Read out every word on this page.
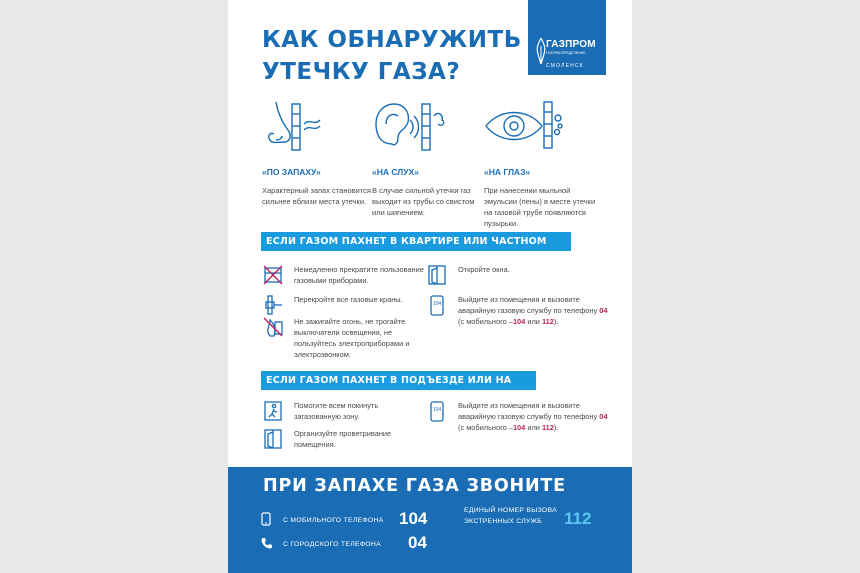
КАК ОБНАРУЖИТЬ
УТЕЧКУ ГАЗА?
ГАЗПРОМ
ГАЗОРАСПРЕДЕЛЕНИЕ
СМОЛЕНСК
«ПО ЗАПАХУ»
Характерный запах становится сильнее вблизи места утечки.
«НА СЛУХ»
В случае сильной утечки газ выходит из трубы со свистом или шипением.
«НА ГЛАЗ»
При нанесении мыльной эмульсии (пены) в месте утечки на газовой трубе появляются пузырьки.
ЕСЛИ ГАЗОМ ПАХНЕТ В КВАРТИРЕ ИЛИ ЧАСТНОМ ДОМЕ
Немедленно прекратите пользование газовыми приборами.
Перекройте все газовые краны.
Не зажигайте огонь, не трогайте выключатели освещения, не пользуйтесь электроприборами и электрозвонком.
Откройте окна.
104 Выйдите из помещения и вызовите аварийную газовую службу по телефону 04 (с мобильного –104 или 112).
ЕСЛИ ГАЗОМ ПАХНЕТ В ПОДЪЕЗДЕ ИЛИ НА УЛИЦЕ
Помогите всем покинуть загазованную зону.
Организуйте проветривание помещения.
104 Выйдите из помещения и вызовите аварийную газовую службу по телефону 04 (с мобильного –104 или 112).
ПРИ ЗАПАХЕ ГАЗА ЗВОНИТЕ
С МОБИЛЬНОГО ТЕЛЕФОНА 104
С ГОРОДСКОГО ТЕЛЕФОНА 04
ЕДИНЫЙ НОМЕР ВЫЗОВА
ЭКСТРЕННЫХ СЛУЖБ 112
